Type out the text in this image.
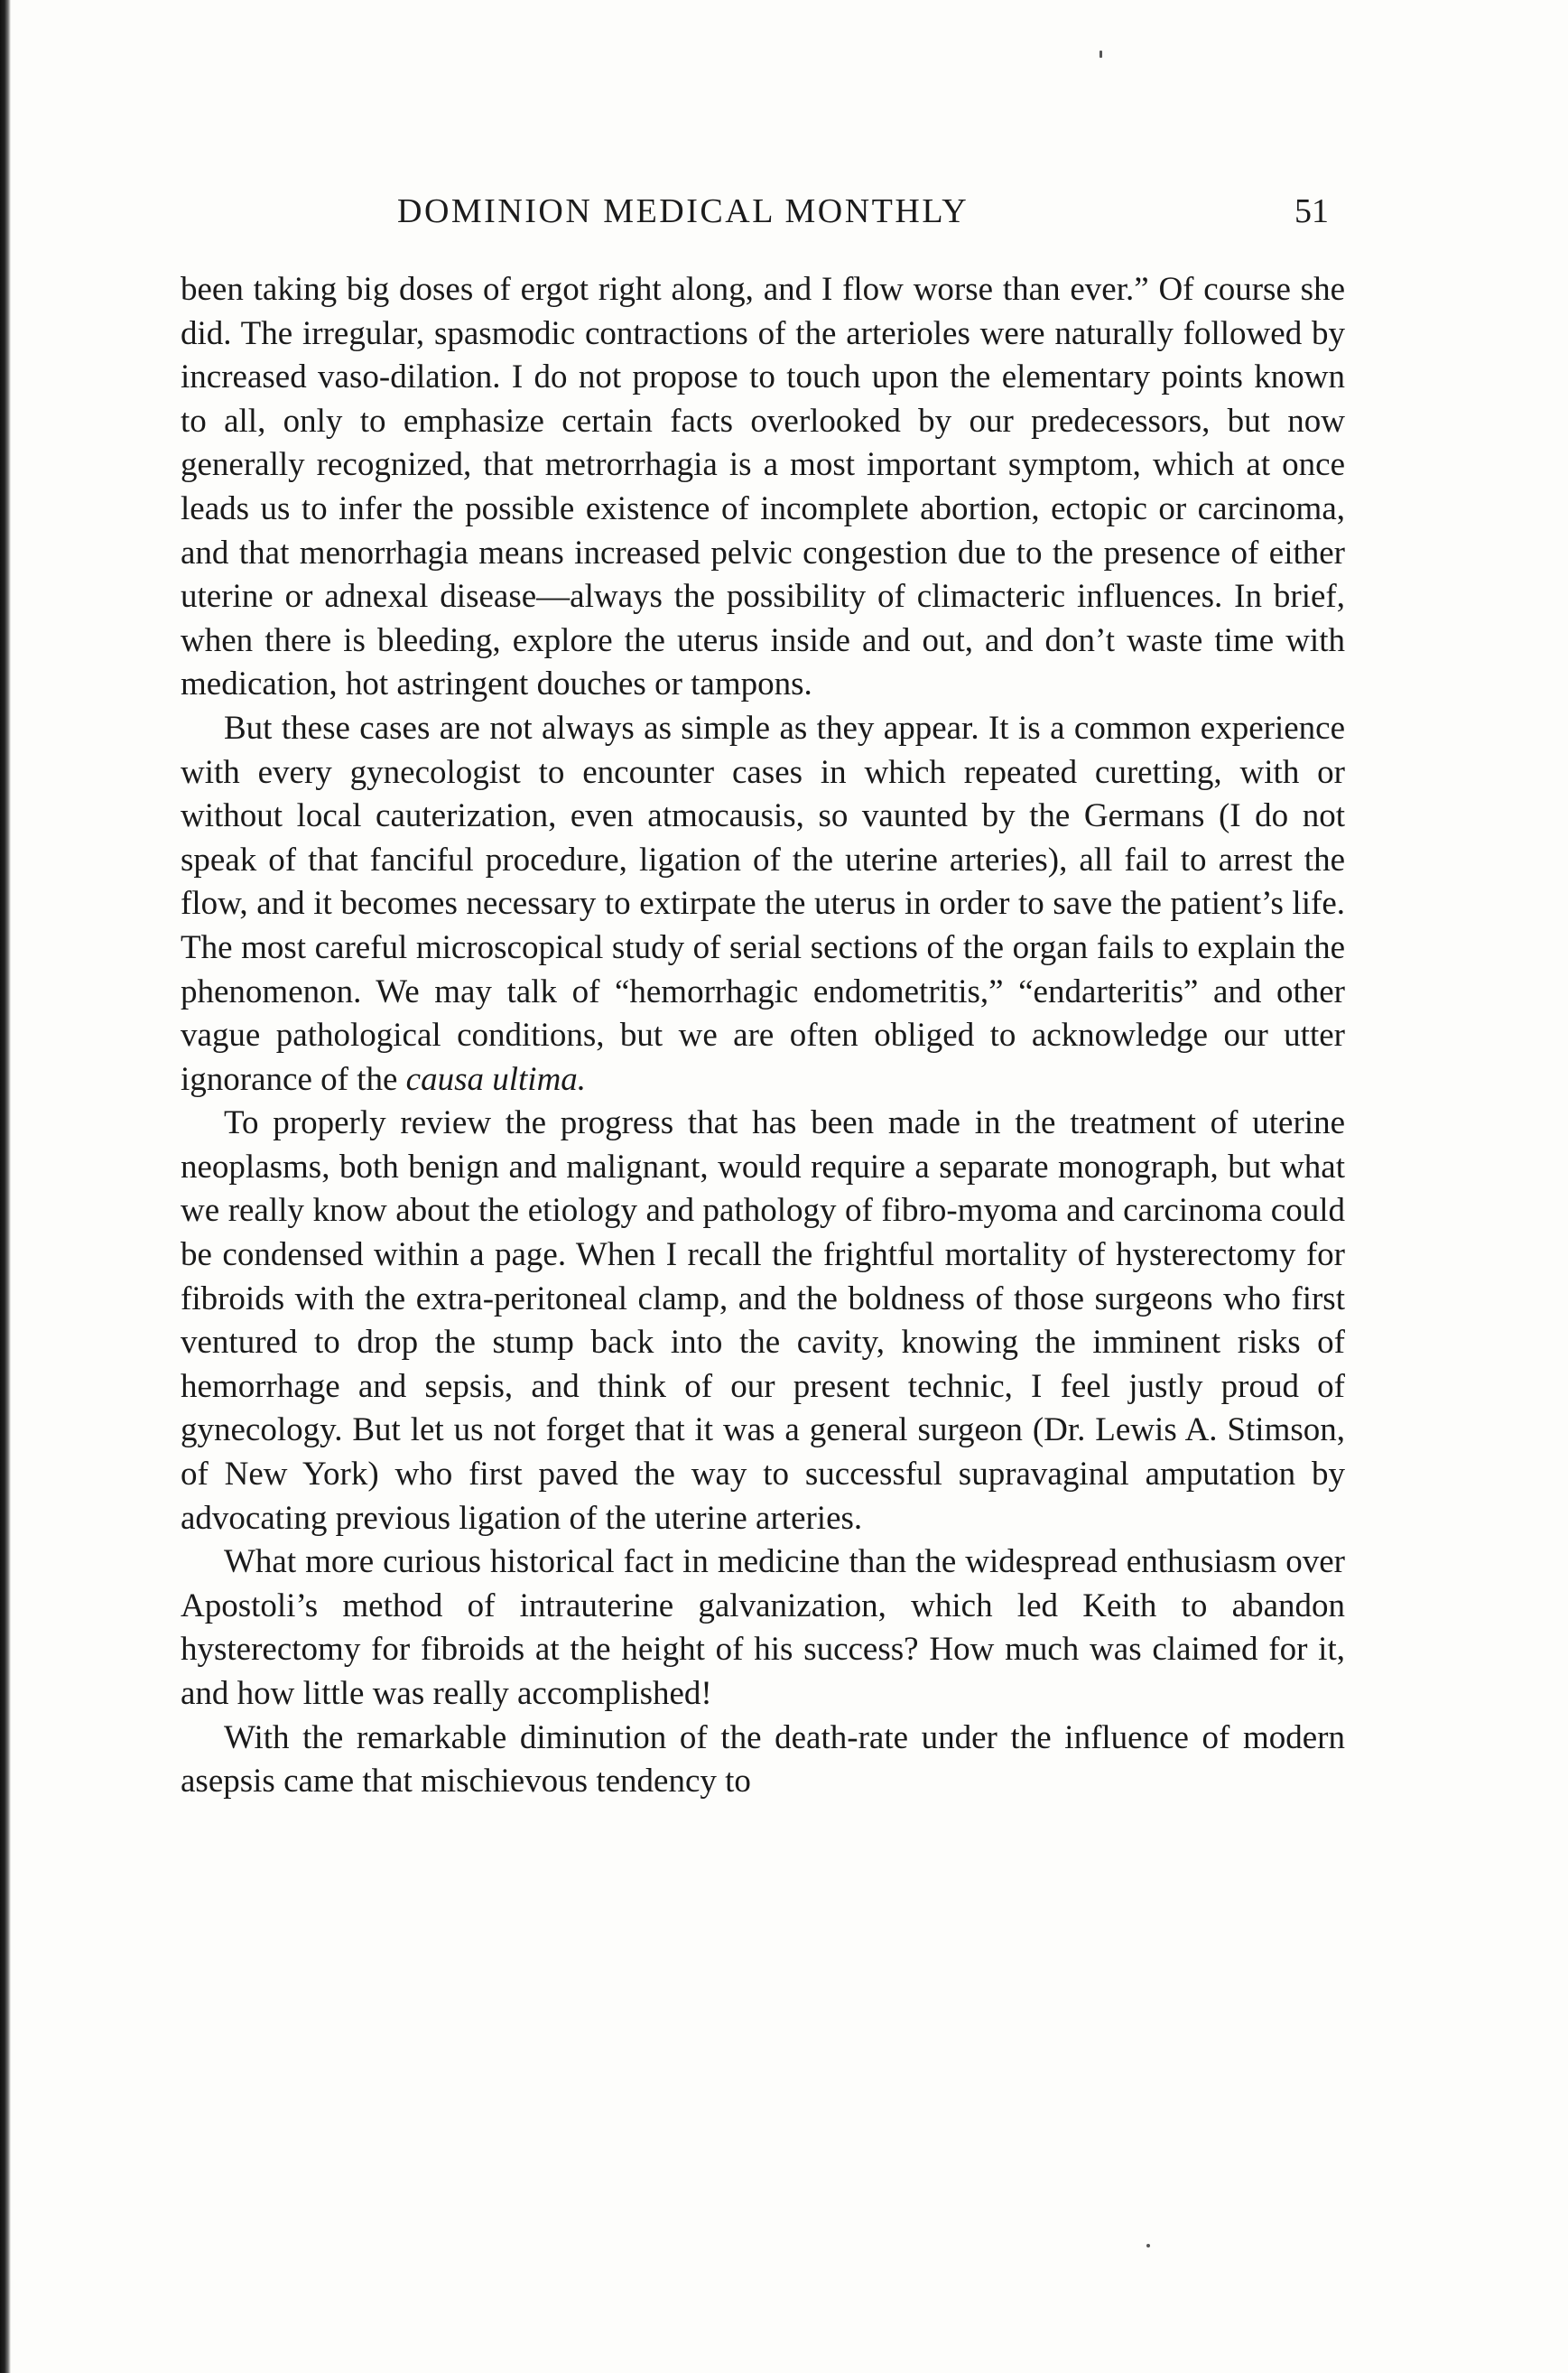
DOMINION MEDICAL MONTHLY	51

been taking big doses of ergot right along, and I flow worse than ever.” Of course she did. The irregular, spasmodic contractions of the arterioles were naturally followed by increased vaso-dilation. I do not propose to touch upon the elementary points known to all, only to emphasize certain facts overlooked by our predecessors, but now generally recognized, that metrorrhagia is a most important symptom, which at once leads us to infer the possible existence of incomplete abortion, ectopic or carcinoma, and that menorrhagia means increased pelvic congestion due to the presence of either uterine or adnexal disease—always the possibility of climacteric influences. In brief, when there is bleeding, explore the uterus inside and out, and don’t waste time with medication, hot astringent douches or tampons.

But these cases are not always as simple as they appear. It is a common experience with every gynecologist to encounter cases in which repeated curetting, with or without local cauterization, even atmocausis, so vaunted by the Germans (I do not speak of that fanciful procedure, ligation of the uterine arteries), all fail to arrest the flow, and it becomes necessary to extirpate the uterus in order to save the patient’s life. The most careful microscopical study of serial sections of the organ fails to explain the phenomenon. We may talk of “hemorrhagic endometritis,” “endarteritis” and other vague pathological conditions, but we are often obliged to acknowledge our utter ignorance of the causa ultima.

To properly review the progress that has been made in the treatment of uterine neoplasms, both benign and malignant, would require a separate monograph, but what we really know about the etiology and pathology of fibro-myoma and carcinoma could be condensed within a page. When I recall the frightful mortality of hysterectomy for fibroids with the extra-peritoneal clamp, and the boldness of those surgeons who first ventured to drop the stump back into the cavity, knowing the imminent risks of hemorrhage and sepsis, and think of our present technic, I feel justly proud of gynecology. But let us not forget that it was a general surgeon (Dr. Lewis A. Stimson, of New York) who first paved the way to successful supravaginal amputation by advocating previous ligation of the uterine arteries.

What more curious historical fact in medicine than the widespread enthusiasm over Apostoli’s method of intrauterine galvanization, which led Keith to abandon hysterectomy for fibroids at the height of his success? How much was claimed for it, and how little was really accomplished!

With the remarkable diminution of the death-rate under the influence of modern asepsis came that mischievous tendency to
